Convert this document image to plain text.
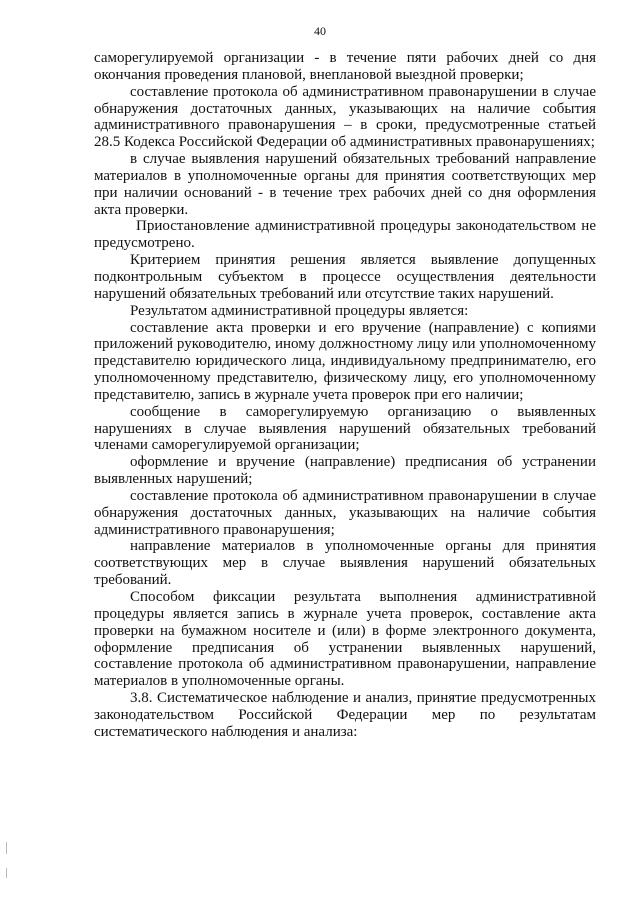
40

саморегулируемой организации - в течение пяти рабочих дней со дня окончания проведения плановой, внеплановой выездной проверки;

составление протокола об административном правонарушении в случае обнаружения достаточных данных, указывающих на наличие события административного правонарушения – в сроки, предусмотренные статьей 28.5 Кодекса Российской Федерации об административных правонарушениях;

в случае выявления нарушений обязательных требований направление материалов в уполномоченные органы для принятия соответствующих мер при наличии оснований - в течение трех рабочих дней со дня оформления акта проверки.

Приостановление административной процедуры законодательством не предусмотрено.

Критерием принятия решения является выявление допущенных подконтрольным субъектом в процессе осуществления деятельности нарушений обязательных требований или отсутствие таких нарушений.

Результатом административной процедуры является:

составление акта проверки и его вручение (направление) с копиями приложений руководителю, иному должностному лицу или уполномоченному представителю юридического лица, индивидуальному предпринимателю, его уполномоченному представителю, физическому лицу, его уполномоченному представителю, запись в журнале учета проверок при его наличии;

сообщение в саморегулируемую организацию о выявленных нарушениях в случае выявления нарушений обязательных требований членами саморегулируемой организации;

оформление и вручение (направление) предписания об устранении выявленных нарушений;

составление протокола об административном правонарушении в случае обнаружения достаточных данных, указывающих на наличие события административного правонарушения;

направление материалов в уполномоченные органы для принятия соответствующих мер в случае выявления нарушений обязательных требований.

Способом фиксации результата выполнения административной процедуры является запись в журнале учета проверок, составление акта проверки на бумажном носителе и (или) в форме электронного документа, оформление предписания об устранении выявленных нарушений, составление протокола об административном правонарушении, направление материалов в уполномоченные органы.

3.8. Систематическое наблюдение и анализ, принятие предусмотренных законодательством Российской Федерации мер по результатам систематического наблюдения и анализа:
